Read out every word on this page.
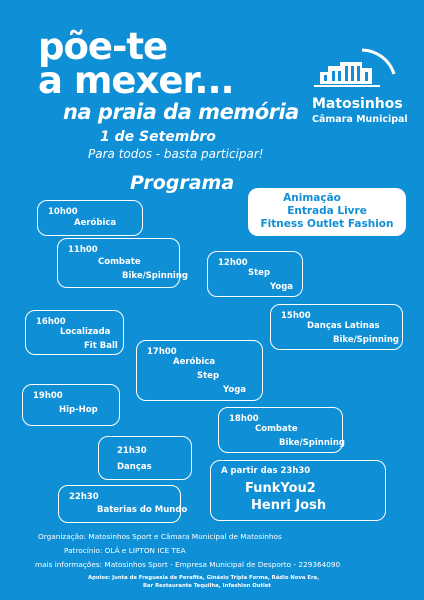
põe-te
a mexer...
na praia da memória
1 de Setembro
Para todos - basta participar!
Matosinhos
Câmara Municipal
Programa
Animação
Entrada Livre
Fitness Outlet Fashion
10h00
Aeróbica
11h00
Combate
Bike/Spinning
12h00
Step
Yoga
15h00
Danças Latinas
Bike/Spinning
16h00
Localizada
Fit Ball
17h00
Aeróbica
Step
Yoga
19h00
Hip-Hop
18h00
Combate
Bike/Spinning
21h30
Danças
22h30
Baterias do Mundo
A partir das 23h30
FunkYou2
Henri Josh
Organização: Matosinhos Sport e Câmara Municipal de Matosinhos
Patrocínio: OLÁ e LIPTON ICE TEA
mais informações: Matosinhos Sport - Empresa Municipal de Desporto - 229364090
Apoios: Junta de Freguesia de Perafita, Ginásio Tripla Forma, Rádio Nova Era,
Bar Restaurante Tequilha, Infashion Outlet
